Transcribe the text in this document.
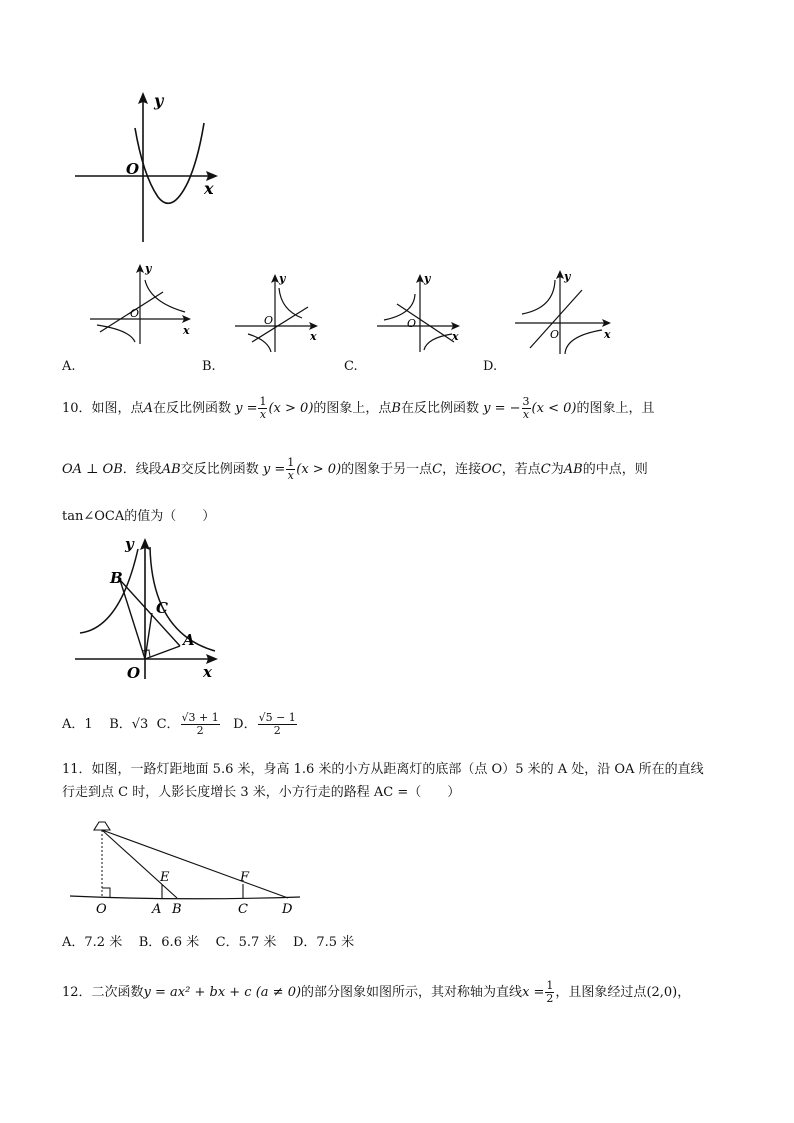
y
x
O
y
x
O
y
x
O
y
x
O
y
x
O
A.	B.	C.	D.
10．如图，点A在反比例函数 $y = \frac{1}{x} (x > 0)$的图象上，点B在反比例函数 y = − $\frac{3}{x} (x < 0)$的图象上，且
OA ⊥ OB．线段AB交反比例函数 $y = \frac{1}{x} (x > 0)$的图象于另一点C，连接OC，若点C为AB的中点，则
tan∠OCA的值为（　　）
y
x
O
A
B
C
A．1 B．√3 C． $\frac{√3 + 1}{2}$ D． $\frac{√5 - 1}{2}$
11．如图，一路灯距地面 5.6 米，身高 1.6 米的小方从距离灯的底部（点 O）5 米的 A 处，沿 OA 所在的直线
行走到点 C 时，人影长度增长 3 米，小方行走的路程 AC =（　　）
O	A B	C	D
E	F
A．7.2 米 B．6.6 米 C．5.7 米 D．7.5 米
12．二次函数y = ax² + bx + c (a ≠ 0)的部分图象如图所示，其对称轴为直线$x = \frac{1}{2}$ ，且图象经过点(2,0)，
